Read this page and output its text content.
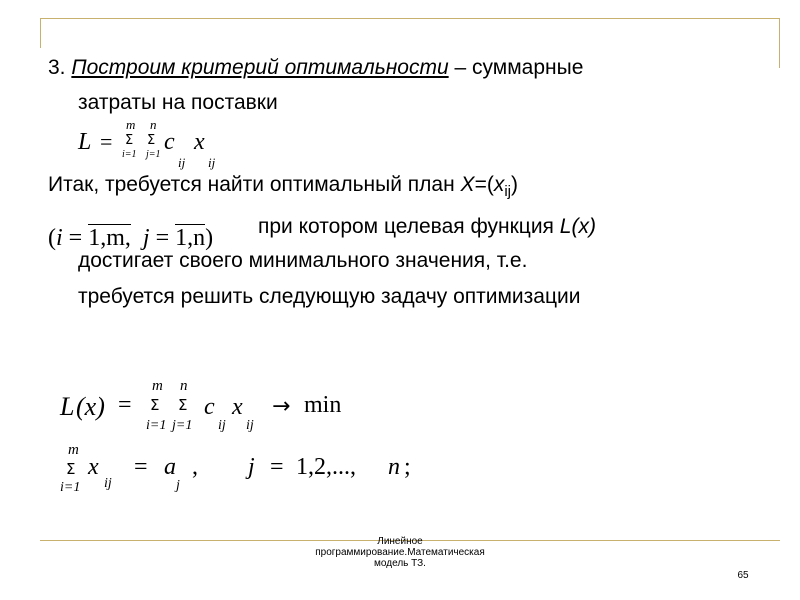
3. Построим критерий оптимальности – суммарные
затраты на поставки
L =
m
Σ
i=1
n
Σ
j=1 c
ij
x
ij
Итак, требуется найти оптимальный план $X=(x_{ij})$
(i = 1,m, j = 1,n) при котором целевая функция L(x)
достигает своего минимального значения, т.е.
требуется решить следующую задачу оптимизации
L (x) =
m
Σ
i=1
n
Σ
j=1
c
ij
x
ij
→ min
m
Σ
i=1
x
ij
= a
j
, j = 1,2,..., n ;
Линейное
программирование.Математическая
модель ТЗ.
65
